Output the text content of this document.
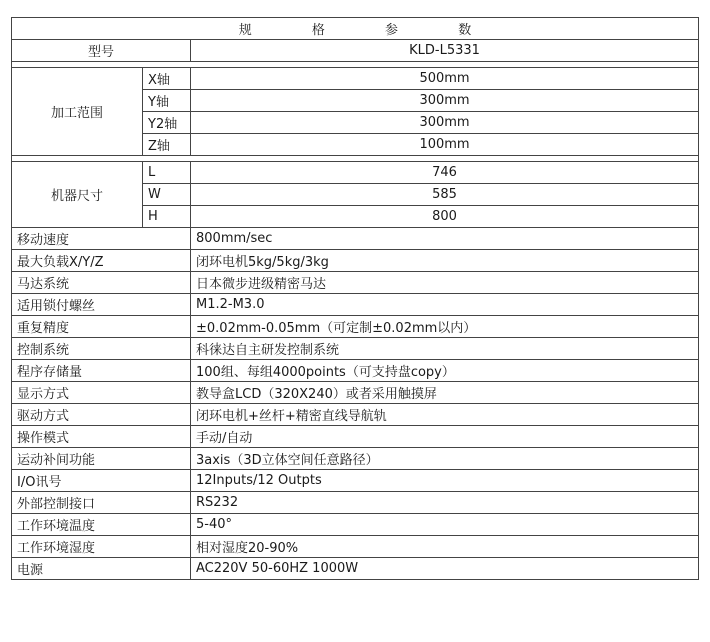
规 格 参 数		
型号		KLD-L5331

加工范围	X轴	500mm
	Y轴	300mm
	Y2轴	300mm
	Z轴	100mm

机器尺寸	L	746
	W	585
	H	800
移动速度		800mm/sec
最大负载X/Y/Z		闭环电机5kg/5kg/3kg
马达系统		日本微步进级精密马达
适用锁付螺丝		M1.2-M3.0
重复精度		±0.02mm-0.05mm（可定制±0.02mm以内）
控制系统		科徕达自主研发控制系统
程序存储量		100组、每组4000points（可支持盘copy）
显示方式		教导盒LCD（320X240）或者采用触摸屏
驱动方式		闭环电机+丝杆+精密直线导航轨
操作模式		手动/自动
运动补间功能		3axis（3D立体空间任意路径）
I/O讯号		12Inputs/12 Outpts
外部控制接口		RS232
工作环境温度		5-40°
工作环境湿度		相对湿度20-90%
电源		AC220V 50-60HZ 1000W
